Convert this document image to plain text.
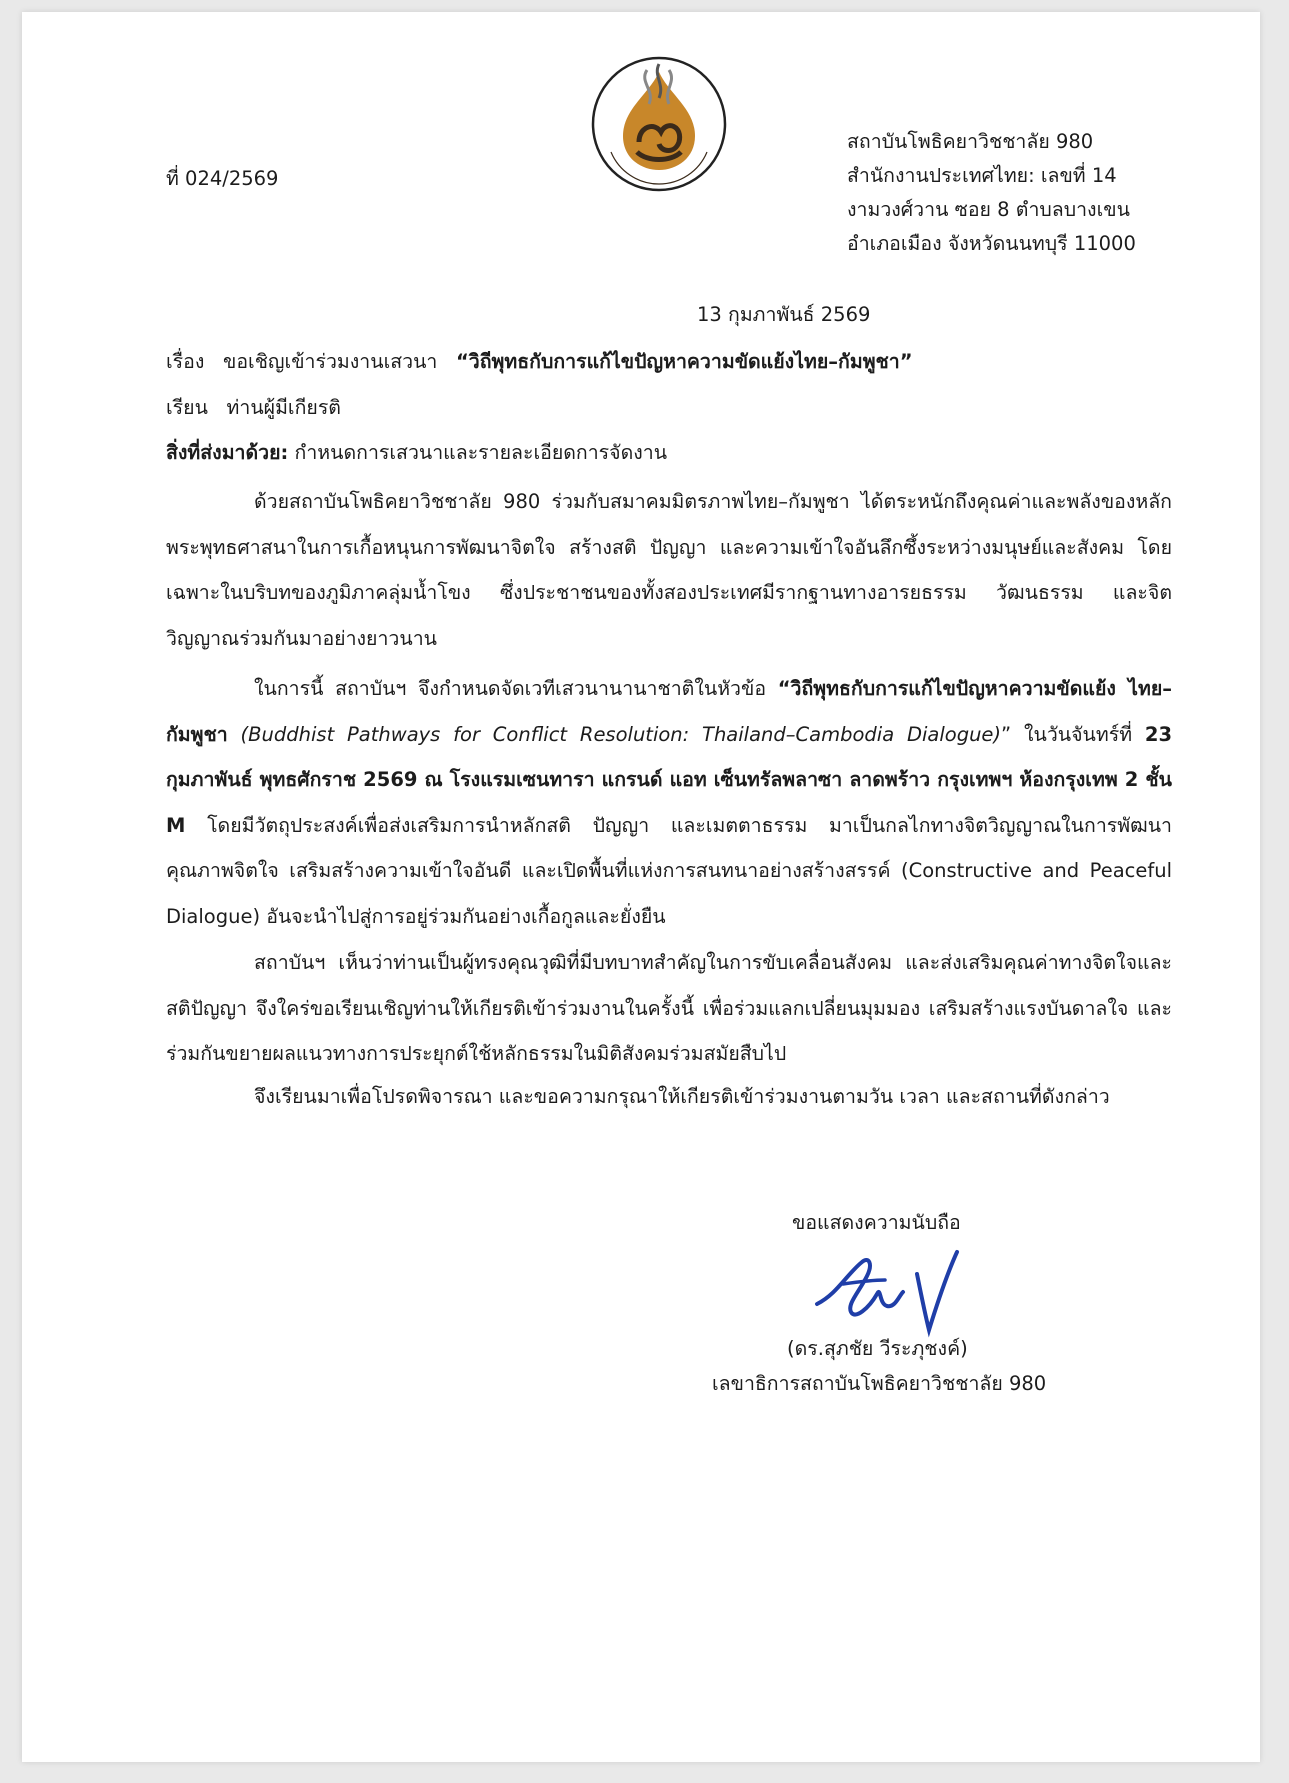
ที่ 024/2569
สถาบันโพธิคยาวิชชาลัย 980
สำนักงานประเทศไทย: เลขที่ 14
งามวงศ์วาน ซอย 8 ตำบลบางเขน
อำเภอเมือง จังหวัดนนทบุรี 11000
13 กุมภาพันธ์ 2569
เรื่อง ขอเชิญเข้าร่วมงานเสวนา “วิถีพุทธกับการแก้ไขปัญหาความขัดแย้งไทย–กัมพูชา”
เรียน ท่านผู้มีเกียรติ
สิ่งที่ส่งมาด้วย: กำหนดการเสวนาและรายละเอียดการจัดงาน
ด้วยสถาบันโพธิคยาวิชชาลัย 980 ร่วมกับสมาคมมิตรภาพไทย–กัมพูชา ได้ตระหนักถึงคุณค่าและพลังของหลักพระพุทธศาสนาในการเกื้อหนุนการพัฒนาจิตใจ สร้างสติ ปัญญา และความเข้าใจอันลึกซึ้งระหว่างมนุษย์และสังคม โดยเฉพาะในบริบทของภูมิภาคลุ่มน้ำโขง ซึ่งประชาชนของทั้งสองประเทศมีรากฐานทางอารยธรรม วัฒนธรรม และจิตวิญญาณร่วมกันมาอย่างยาวนาน
ในการนี้ สถาบันฯ จึงกำหนดจัดเวทีเสวนานานาชาติในหัวข้อ “วิถีพุทธกับการแก้ไขปัญหาความขัดแย้ง ไทย– กัมพูชา (Buddhist Pathways for Conflict Resolution: Thailand–Cambodia Dialogue)” ในวันจันทร์ที่ 23 กุมภาพันธ์ พุทธศักราช 2569 ณ โรงแรมเซนทารา แกรนด์ แอท เซ็นทรัลพลาซา ลาดพร้าว กรุงเทพฯ ห้องกรุงเทพ 2 ชั้น M โดยมีวัตถุประสงค์เพื่อส่งเสริมการนำหลักสติ ปัญญา และเมตตาธรรม มาเป็นกลไกทางจิตวิญญาณในการพัฒนาคุณภาพจิตใจ เสริมสร้างความเข้าใจอันดี และเปิดพื้นที่แห่งการสนทนาอย่างสร้างสรรค์ (Constructive and Peaceful Dialogue) อันจะนำไปสู่การอยู่ร่วมกันอย่างเกื้อกูลและยั่งยืน
สถาบันฯ เห็นว่าท่านเป็นผู้ทรงคุณวุฒิที่มีบทบาทสำคัญในการขับเคลื่อนสังคม และส่งเสริมคุณค่าทางจิตใจและสติปัญญา จึงใคร่ขอเรียนเชิญท่านให้เกียรติเข้าร่วมงานในครั้งนี้ เพื่อร่วมแลกเปลี่ยนมุมมอง เสริมสร้างแรงบันดาลใจ และร่วมกันขยายผลแนวทางการประยุกต์ใช้หลักธรรมในมิติสังคมร่วมสมัยสืบไป
จึงเรียนมาเพื่อโปรดพิจารณา และขอความกรุณาให้เกียรติเข้าร่วมงานตามวัน เวลา และสถานที่ดังกล่าว
ขอแสดงความนับถือ
(ดร.สุภชัย วีระภุชงค์)
เลขาธิการสถาบันโพธิคยาวิชชาลัย 980
